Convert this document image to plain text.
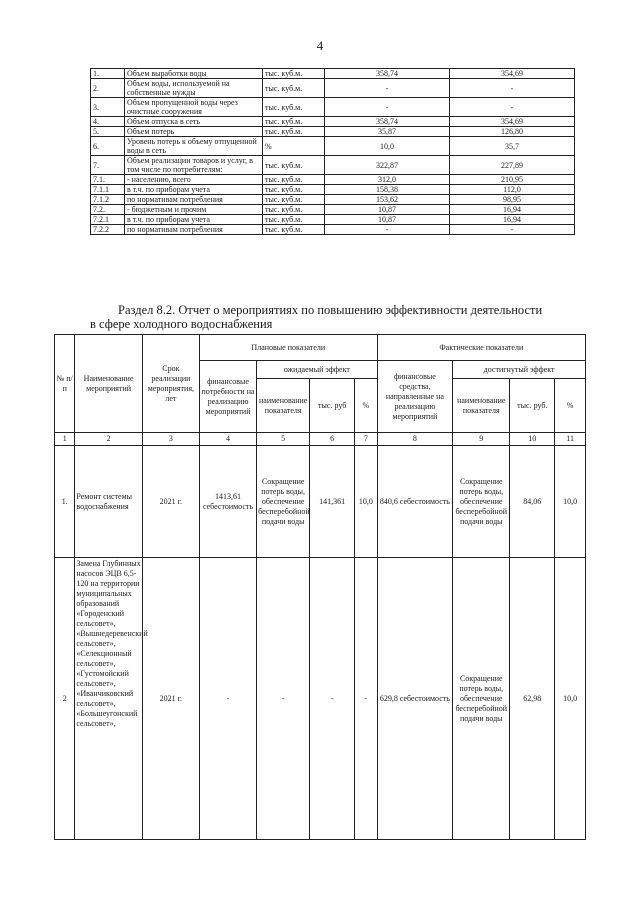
4
1.	Объем выработки воды	тыс. куб.м.	358,74	354,69
2.	Объем воды, используемой на собственные нужды	тыс. куб.м.	-	-
3.	Объем пропущенной воды через очистные сооружения	тыс. куб.м.	-	-
4.	Объем отпуска в сеть	тыс. куб.м.	358,74	354,69
5.	Объем потерь	тыс. куб.м.	35,87	126,80
6.	Уровень потерь к объему отпущенной воды в сеть	%	10,0	35,7
7.	Объем реализации товаров и услуг, в том числе по потребителям:	тыс. куб.м.	322,87	227,89
7.1.	- населению, всего	тыс. куб.м.	312,0	210,95
7.1.1	в т.ч. по приборам учета	тыс. куб.м.	158,38	112,0
7.1.2	по нормативам потребления	тыс. куб.м.	153,62	98,95
7.2.	- бюджетным и прочим	тыс. куб.м.	10,87	16,94
7.2.1	в т.ч. по приборам учета	тыс. куб.м.	10,87	16,94
7.2.2	по нормативам потребления	тыс. куб.м.	-	-
Раздел 8.2. Отчет о мероприятиях по повышению эффективности деятельности
в сфере холодного водоснабжения
№ п/п	Наименование мероприятий	Срок реализации мероприятия, лет	Плановые показатели				Фактические показатели			
			финансовые потребности на реализацию мероприятий	ожидаемый эффект			финансовые средства, направленные на реализацию мероприятий	достигнутый эффект		
				наименование показателя	тыс. руб	%		наименование показателя	тыс. руб.	%
1	2	3	4	5	6	7	8	9	10	11
1.	Ремонт системы водоснабжения	2021 г.	1413,61 себестоимость	Сокращение потерь воды, обеспечение бесперебойной подачи воды	141,361	10,0	840,6 себестоимость	Сокращение потерь воды, обеспечение бесперебойной подачи воды	84,06	10,0
2	Замена Глубинных насосов ЭЦВ 6,5-120 на территории муниципальных образований «Городенский сельсовет», «Вышнедеревенский сельсовет», «Селекционный сельсовет», «Густомойский сельсовет», «Иванчиковский сельсовет», «Большеугонский сельсовет»,	2021 г.	-	-	-	-	629,8 себестоимость	Сокращение потерь воды, обеспечение бесперебойной подачи воды	62,98	10,0
